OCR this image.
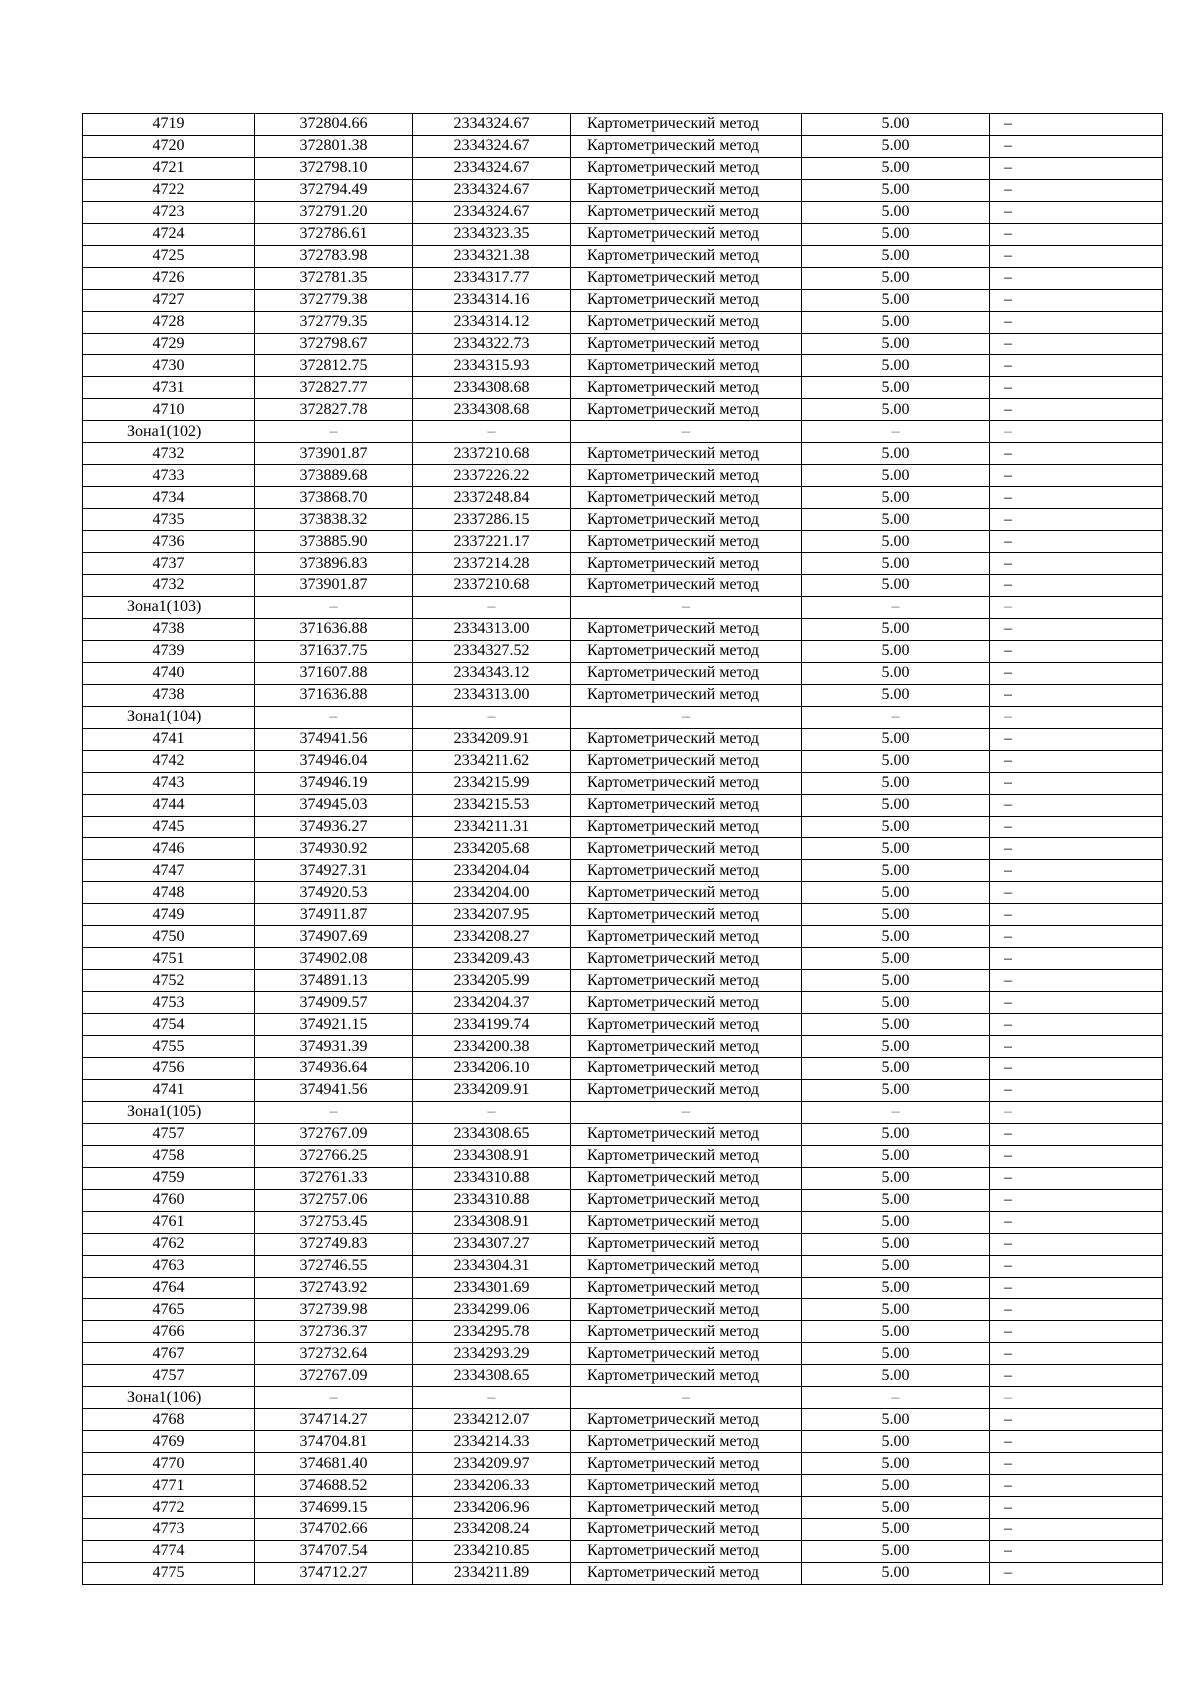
4719	372804.66	2334324.67	Картометрический метод	5.00	–
4720	372801.38	2334324.67	Картометрический метод	5.00	–
4721	372798.10	2334324.67	Картометрический метод	5.00	–
4722	372794.49	2334324.67	Картометрический метод	5.00	–
4723	372791.20	2334324.67	Картометрический метод	5.00	–
4724	372786.61	2334323.35	Картометрический метод	5.00	–
4725	372783.98	2334321.38	Картометрический метод	5.00	–
4726	372781.35	2334317.77	Картометрический метод	5.00	–
4727	372779.38	2334314.16	Картометрический метод	5.00	–
4728	372779.35	2334314.12	Картометрический метод	5.00	–
4729	372798.67	2334322.73	Картометрический метод	5.00	–
4730	372812.75	2334315.93	Картометрический метод	5.00	–
4731	372827.77	2334308.68	Картометрический метод	5.00	–
4710	372827.78	2334308.68	Картометрический метод	5.00	–
Зона1(102)	–	–	–	–	–
4732	373901.87	2337210.68	Картометрический метод	5.00	–
4733	373889.68	2337226.22	Картометрический метод	5.00	–
4734	373868.70	2337248.84	Картометрический метод	5.00	–
4735	373838.32	2337286.15	Картометрический метод	5.00	–
4736	373885.90	2337221.17	Картометрический метод	5.00	–
4737	373896.83	2337214.28	Картометрический метод	5.00	–
4732	373901.87	2337210.68	Картометрический метод	5.00	–
Зона1(103)	–	–	–	–	–
4738	371636.88	2334313.00	Картометрический метод	5.00	–
4739	371637.75	2334327.52	Картометрический метод	5.00	–
4740	371607.88	2334343.12	Картометрический метод	5.00	–
4738	371636.88	2334313.00	Картометрический метод	5.00	–
Зона1(104)	–	–	–	–	–
4741	374941.56	2334209.91	Картометрический метод	5.00	–
4742	374946.04	2334211.62	Картометрический метод	5.00	–
4743	374946.19	2334215.99	Картометрический метод	5.00	–
4744	374945.03	2334215.53	Картометрический метод	5.00	–
4745	374936.27	2334211.31	Картометрический метод	5.00	–
4746	374930.92	2334205.68	Картометрический метод	5.00	–
4747	374927.31	2334204.04	Картометрический метод	5.00	–
4748	374920.53	2334204.00	Картометрический метод	5.00	–
4749	374911.87	2334207.95	Картометрический метод	5.00	–
4750	374907.69	2334208.27	Картометрический метод	5.00	–
4751	374902.08	2334209.43	Картометрический метод	5.00	–
4752	374891.13	2334205.99	Картометрический метод	5.00	–
4753	374909.57	2334204.37	Картометрический метод	5.00	–
4754	374921.15	2334199.74	Картометрический метод	5.00	–
4755	374931.39	2334200.38	Картометрический метод	5.00	–
4756	374936.64	2334206.10	Картометрический метод	5.00	–
4741	374941.56	2334209.91	Картометрический метод	5.00	–
Зона1(105)	–	–	–	–	–
4757	372767.09	2334308.65	Картометрический метод	5.00	–
4758	372766.25	2334308.91	Картометрический метод	5.00	–
4759	372761.33	2334310.88	Картометрический метод	5.00	–
4760	372757.06	2334310.88	Картометрический метод	5.00	–
4761	372753.45	2334308.91	Картометрический метод	5.00	–
4762	372749.83	2334307.27	Картометрический метод	5.00	–
4763	372746.55	2334304.31	Картометрический метод	5.00	–
4764	372743.92	2334301.69	Картометрический метод	5.00	–
4765	372739.98	2334299.06	Картометрический метод	5.00	–
4766	372736.37	2334295.78	Картометрический метод	5.00	–
4767	372732.64	2334293.29	Картометрический метод	5.00	–
4757	372767.09	2334308.65	Картометрический метод	5.00	–
Зона1(106)	–	–	–	–	–
4768	374714.27	2334212.07	Картометрический метод	5.00	–
4769	374704.81	2334214.33	Картометрический метод	5.00	–
4770	374681.40	2334209.97	Картометрический метод	5.00	–
4771	374688.52	2334206.33	Картометрический метод	5.00	–
4772	374699.15	2334206.96	Картометрический метод	5.00	–
4773	374702.66	2334208.24	Картометрический метод	5.00	–
4774	374707.54	2334210.85	Картометрический метод	5.00	–
4775	374712.27	2334211.89	Картометрический метод	5.00	–
